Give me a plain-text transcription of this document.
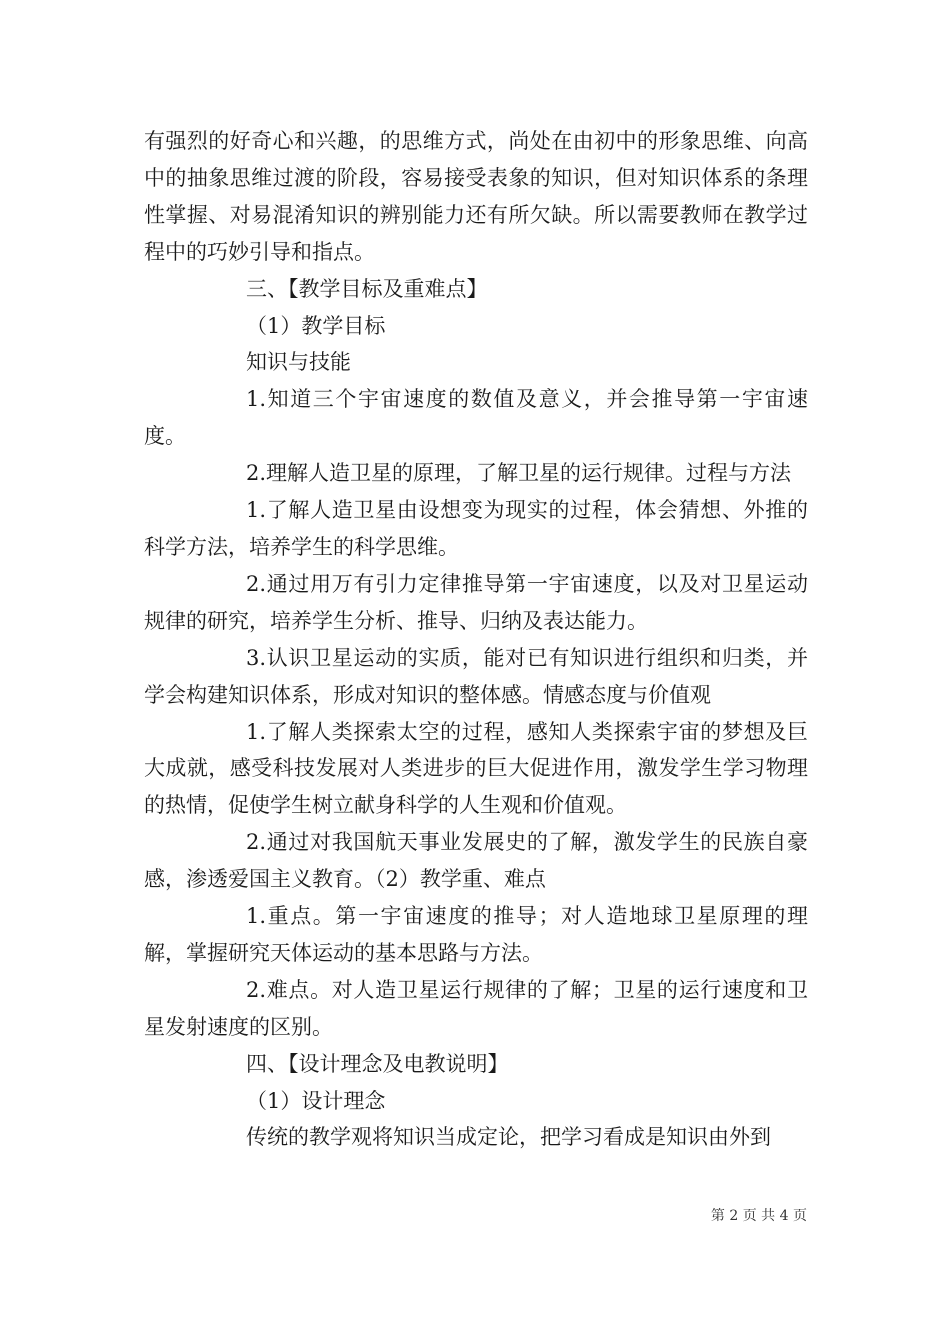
有强烈的好奇心和兴趣，的思维方式，尚处在由初中的形象思维、向高中的抽象思维过渡的阶段，容易接受表象的知识，但对知识体系的条理性掌握、对易混淆知识的辨别能力还有所欠缺。所以需要教师在教学过程中的巧妙引导和指点。

三、【教学目标及重难点】

（1）教学目标

知识与技能

1.知道三个宇宙速度的数值及意义，并会推导第一宇宙速度。

2.理解人造卫星的原理，了解卫星的运行规律。过程与方法

1.了解人造卫星由设想变为现实的过程，体会猜想、外推的科学方法，培养学生的科学思维。

2.通过用万有引力定律推导第一宇宙速度，以及对卫星运动规律的研究，培养学生分析、推导、归纳及表达能力。

3.认识卫星运动的实质，能对已有知识进行组织和归类，并学会构建知识体系，形成对知识的整体感。情感态度与价值观

1.了解人类探索太空的过程，感知人类探索宇宙的梦想及巨大成就，感受科技发展对人类进步的巨大促进作用，激发学生学习物理的热情，促使学生树立献身科学的人生观和价值观。

2.通过对我国航天事业发展史的了解，激发学生的民族自豪感，渗透爱国主义教育。（2）教学重、难点

1.重点。第一宇宙速度的推导；对人造地球卫星原理的理解，掌握研究天体运动的基本思路与方法。

2.难点。对人造卫星运行规律的了解；卫星的运行速度和卫星发射速度的区别。

四、【设计理念及电教说明】

（1）设计理念

传统的教学观将知识当成定论，把学习看成是知识由外到

第 2 页 共 4 页
